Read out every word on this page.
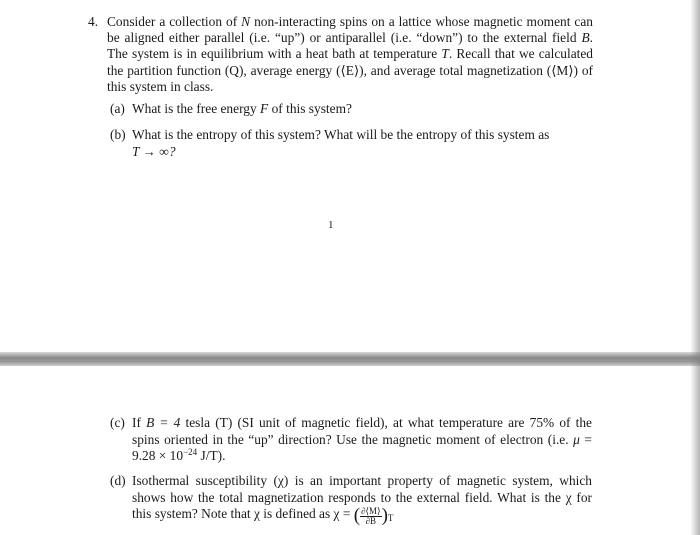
4. Consider a collection of N non-interacting spins on a lattice whose magnetic moment can be aligned either parallel (i.e. “up”) or antiparallel (i.e. “down”) to the external field B. The system is in equilibrium with a heat bath at temperature T. Recall that we calculated the partition function (Q), average energy (⟨E⟩), and average total magnetization (⟨M⟩) of this system in class.
(a) What is the free energy F of this system?
(b) What is the entropy of this system? What will be the entropy of this system as
T → ∞?
1
(c) If B = 4 tesla (T) (SI unit of magnetic field), at what temperature are 75% of the spins oriented in the “up” direction? Use the magnetic moment of electron (i.e. $\mu = 9.28 \times 10^{-24}$ J/T).
(d) Isothermal susceptibility (χ) is an important property of magnetic system, which shows how the total magnetization responds to the external field. What is the χ for this system? Note that χ is defined as χ = ( $\frac{\partial⟨M⟩}{\partial B} )_T$
